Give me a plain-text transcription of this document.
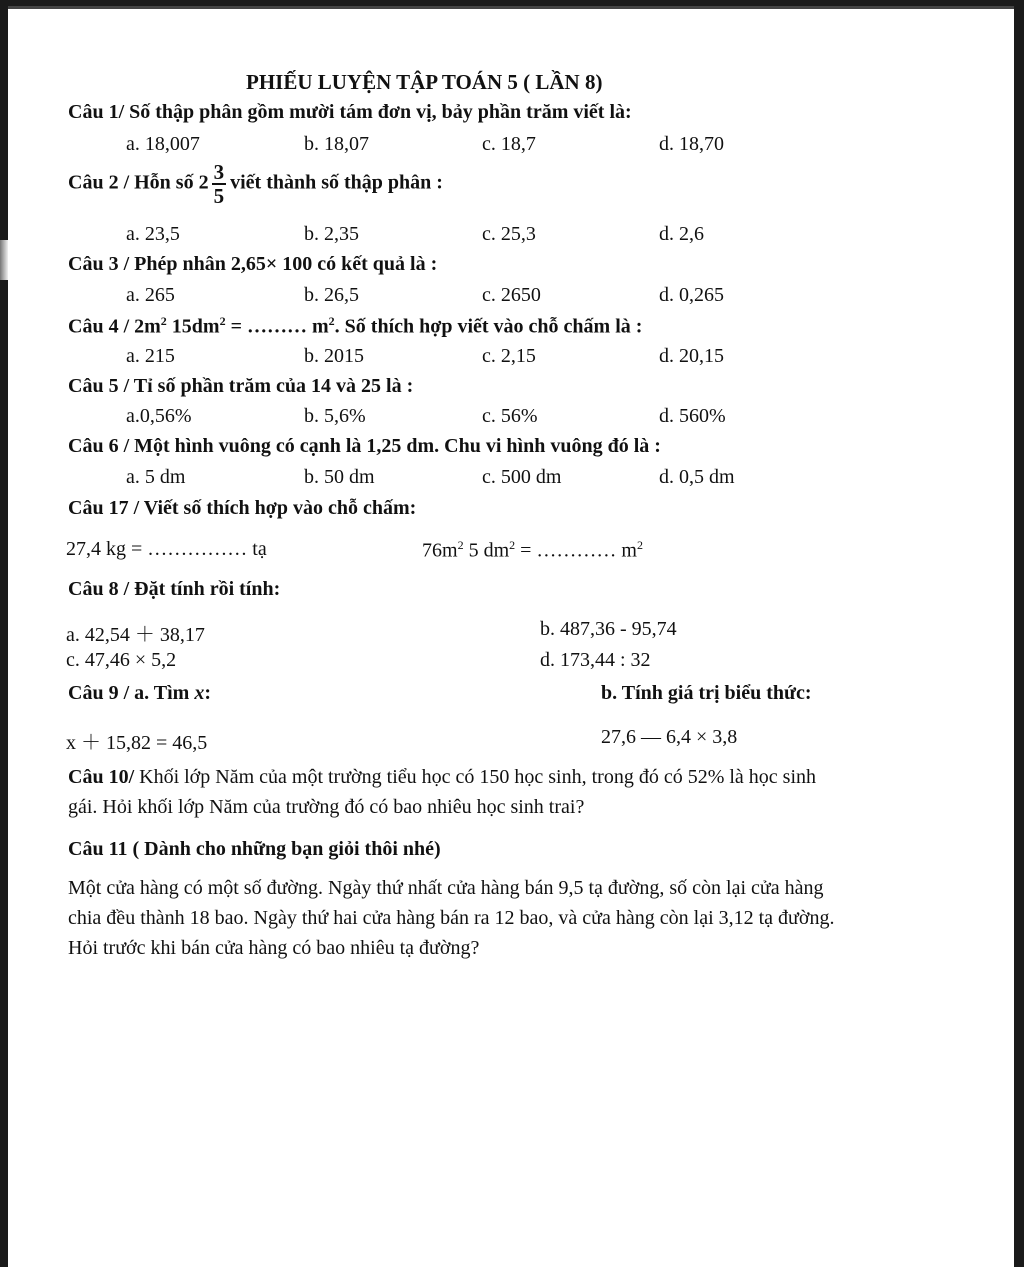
PHIẾU LUYỆN TẬP TOÁN 5 ( LẦN 8)
Câu 1/ Số thập phân gồm mười tám đơn vị, bảy phần trăm viết là:
a. 18,007	b. 18,07	c. 18,7	d. 18,70
Câu 2 / Hỗn số $2 \frac{3}{5}$ viết thành số thập phân :
a. 23,5	b. 2,35	c. 25,3	d. 2,6
Câu 3 / Phép nhân 2,65× 100 có kết quả là :
a. 265	b. 26,5	c. 2650	d. 0,265
Câu $4 / 2m^2$ $15dm^2$ = ……… $m^2$. Số thích hợp viết vào chỗ chấm là :
a. 215	b. 2015	c. 2,15	d. 20,15
Câu 5 / Tỉ số phần trăm của 14 và 25 là :
a.0,56%	b. 5,6%	c. 56%	d. 560%
Câu 6 / Một hình vuông có cạnh là 1,25 dm. Chu vi hình vuông đó là :
a. 5 dm	b. 50 dm	c. 500 dm	d. 0,5 dm
Câu 17 / Viết số thích hợp vào chỗ chấm:
27,4 kg = …………… tạ	$76m^2$ 5 $dm^2$ = ………… $m^2$
Câu 8 / Đặt tính rồi tính:
a. 42,54 ＋ 38,17	b. 487,36 - 95,74
c. 47,46 × 5,2	d. 173,44 : 32
Câu 9 / a. Tìm x:	b. Tính giá trị biểu thức:
x ＋ 15,82 = 46,5	27,6 — 6,4 × 3,8
Câu 10/ Khối lớp Năm của một trường tiểu học có 150 học sinh, trong đó có 52% là học sinh
gái. Hỏi khối lớp Năm của trường đó có bao nhiêu học sinh trai?
Câu 11 ( Dành cho những bạn giỏi thôi nhé)
Một cửa hàng có một số đường. Ngày thứ nhất cửa hàng bán 9,5 tạ đường, số còn lại cửa hàng
chia đều thành 18 bao. Ngày thứ hai cửa hàng bán ra 12 bao, và cửa hàng còn lại 3,12 tạ đường.
Hỏi trước khi bán cửa hàng có bao nhiêu tạ đường?
